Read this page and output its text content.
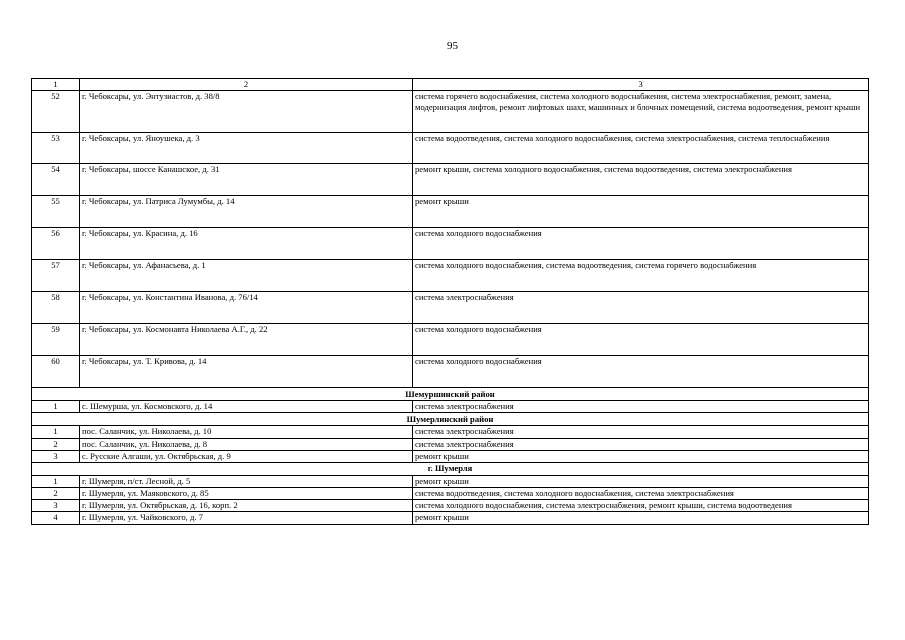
95
1	2	3
52	г. Чебоксары, ул. Энтузиастов, д. 38/8	система горячего водоснабжения, система холодного водоснабжения, система электроснабжения, ремонт, замена, модернизация лифтов, ремонт лифтовых шахт, машинных и блочных помещений, система водоотведения, ремонт крыши
53	г. Чебоксары, ул. Яноушека, д. 3	система водоотведения, система холодного водоснабжения, система электроснабжения, система теплоснабжения
54	г. Чебоксары, шоссе Канашское, д. 31	ремонт крыши, система холодного водоснабжения, система водоотведения, система электроснабжения
55	г. Чебоксары, ул. Патриса Лумумбы, д. 14	ремонт крыши
56	г. Чебоксары, ул. Красина, д. 16	система холодного водоснабжения
57	г. Чебоксары, ул. Афанасьева, д. 1	система холодного водоснабжения, система водоотведения, система горячего водоснабжения
58	г. Чебоксары, ул. Константина Иванова, д. 76/14	система электроснабжения
59	г. Чебоксары, ул. Космонавта Николаева А.Г., д. 22	система холодного водоснабжения
60	г. Чебоксары, ул. Т. Кривова, д. 14	система холодного водоснабжения
Шемуршинский район		
1	с. Шемурша, ул. Космовского, д. 14	система электроснабжения
Шумерлинский район		
1	пос. Саланчик, ул. Николаева, д. 10	система электроснабжения
2	пос. Саланчик, ул. Николаева, д. 8	система электроснабжения
3	с. Русские Алгаши, ул. Октябрьская, д. 9	ремонт крыши
г. Шумерля		
1	г. Шумерля, п/ст. Лесной, д. 5	ремонт крыши
2	г. Шумерля, ул. Маяковского, д. 85	система водоотведения, система холодного водоснабжения, система электроснабжения
3	г. Шумерля, ул. Октябрьская, д. 16, корп. 2	система холодного водоснабжения, система электроснабжения, ремонт крыши, система водоотведения
4	г. Шумерля, ул. Чайковского, д. 7	ремонт крыши
